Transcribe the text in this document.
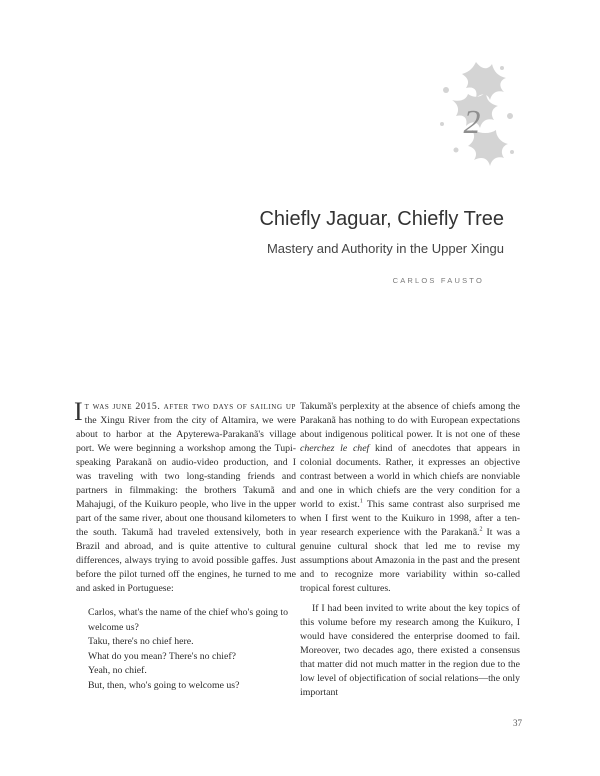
2
Chiefly Jaguar, Chiefly Tree
Mastery and Authority in the Upper Xingu
CARLOS FAUSTO

It was june 2015. after two days of sailing up the Xingu River from the city of Altamira, we were about to harbor at the Apyterewa-Parakanã's village port. We were beginning a workshop among the Tupi-speaking Parakanã on audio-video production, and I was traveling with two long-standing friends and partners in filmmaking: the brothers Takumã and Mahajugi, of the Kuikuro people, who live in the upper part of the same river, about one thousand kilometers to the south. Takumã had traveled extensively, both in Brazil and abroad, and is quite attentive to cultural differences, always trying to avoid possible gaffes. Just before the pilot turned off the engines, he turned to me and asked in Portuguese:

Carlos, what's the name of the chief who's going to welcome us?
Taku, there's no chief here.
What do you mean? There's no chief?
Yeah, no chief.
But, then, who's going to welcome us?

Takumã's perplexity at the absence of chiefs among the Parakanã has nothing to do with European expectations about indigenous political power. It is not one of these cherchez le chef kind of anecdotes that appears in colonial documents. Rather, it expresses an objective contrast between a world in which chiefs are nonviable and one in which chiefs are the very condition for a world to exist.$^1$ This same contrast also surprised me when I first went to the Kuikuro in 1998, after a ten-year research experience with the Parakanã.$^2$ It was a genuine cultural shock that led me to revise my assumptions about Amazonia in the past and the present and to recognize more variability within so-called tropical forest cultures.

If I had been invited to write about the key topics of this volume before my research among the Kuikuro, I would have considered the enterprise doomed to fail. Moreover, two decades ago, there existed a consensus that matter did not much matter in the region due to the low level of objectification of social relations—the only important

37
